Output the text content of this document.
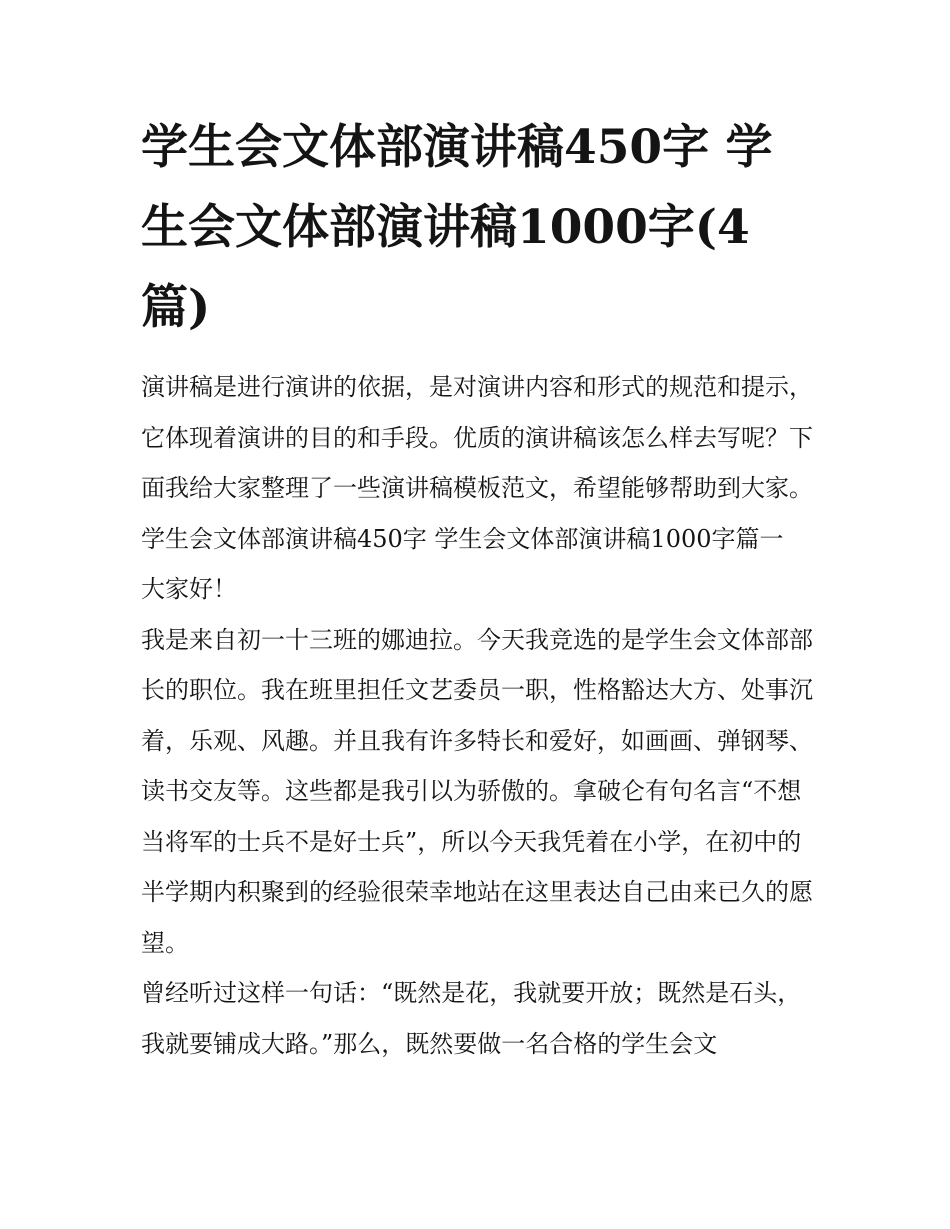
学生会文体部演讲稿450字 学生会文体部演讲稿1000字(4篇)

演讲稿是进行演讲的依据，是对演讲内容和形式的规范和提示，它体现着演讲的目的和手段。优质的演讲稿该怎么样去写呢？下面我给大家整理了一些演讲稿模板范文，希望能够帮助到大家。

学生会文体部演讲稿450字 学生会文体部演讲稿1000字篇一

大家好！

我是来自初一十三班的娜迪拉。今天我竞选的是学生会文体部部长的职位。我在班里担任文艺委员一职，性格豁达大方、处事沉着，乐观、风趣。并且我有许多特长和爱好，如画画、弹钢琴、读书交友等。这些都是我引以为骄傲的。拿破仑有句名言“不想当将军的士兵不是好士兵”，所以今天我凭着在小学，在初中的半学期内积聚到的经验很荣幸地站在这里表达自己由来已久的愿望。

曾经听过这样一句话：“既然是花，我就要开放；既然是石头，我就要铺成大路。”那么，既然要做一名合格的学生会文
